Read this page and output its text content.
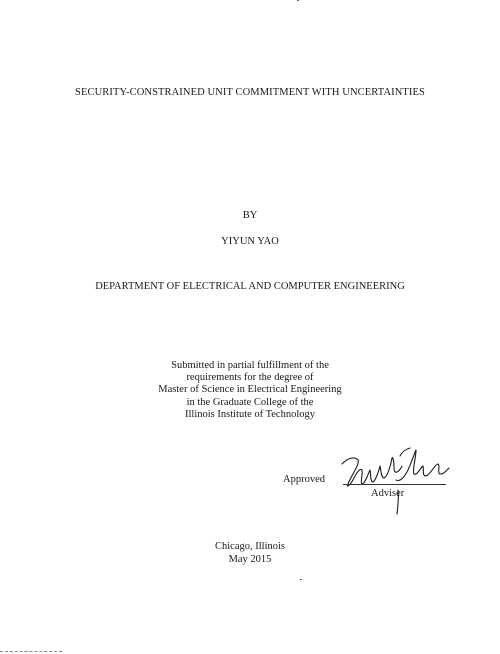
SECURITY-CONSTRAINED UNIT COMMITMENT WITH UNCERTAINTIES
BY
YIYUN YAO
DEPARTMENT OF ELECTRICAL AND COMPUTER ENGINEERING
Submitted in partial fulfillment of the
requirements for the degree of
Master of Science in Electrical Engineering
in the Graduate College of the
Illinois Institute of Technology
Approved
Adviser
Chicago, Illinois
May 2015
